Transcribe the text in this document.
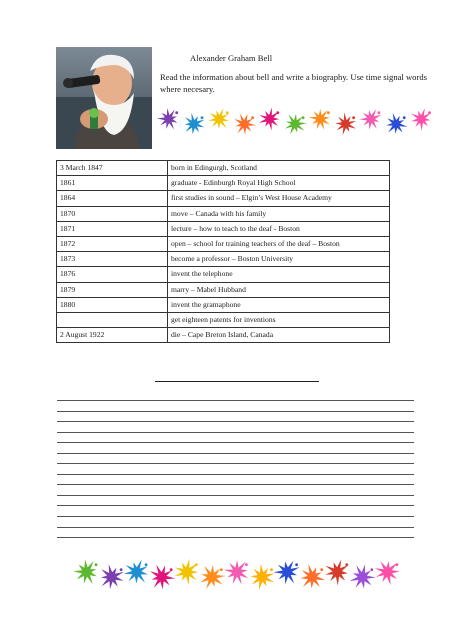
Alexander Graham Bell
Read the information about bell and write a biography. Use time signal words where necesary.
3 March 1847	born in Edingurgh, Scotland
1861	graduate - Edinburgh Royal High School
1864	first studies in sound – Elgin’s West House Academy
1870	move – Canada with his family
1871	lecture – how to teach to the deaf - Boston
1872	open – school for training teachers of the deaf – Boston
1873	become a professor – Boston University
1876	invent the telephone
1879	marry – Mabel Hubband
1880	invent the gramaphone
	get eighteen patents for inventions
2 August 1922	die – Cape Breton Island, Canada
